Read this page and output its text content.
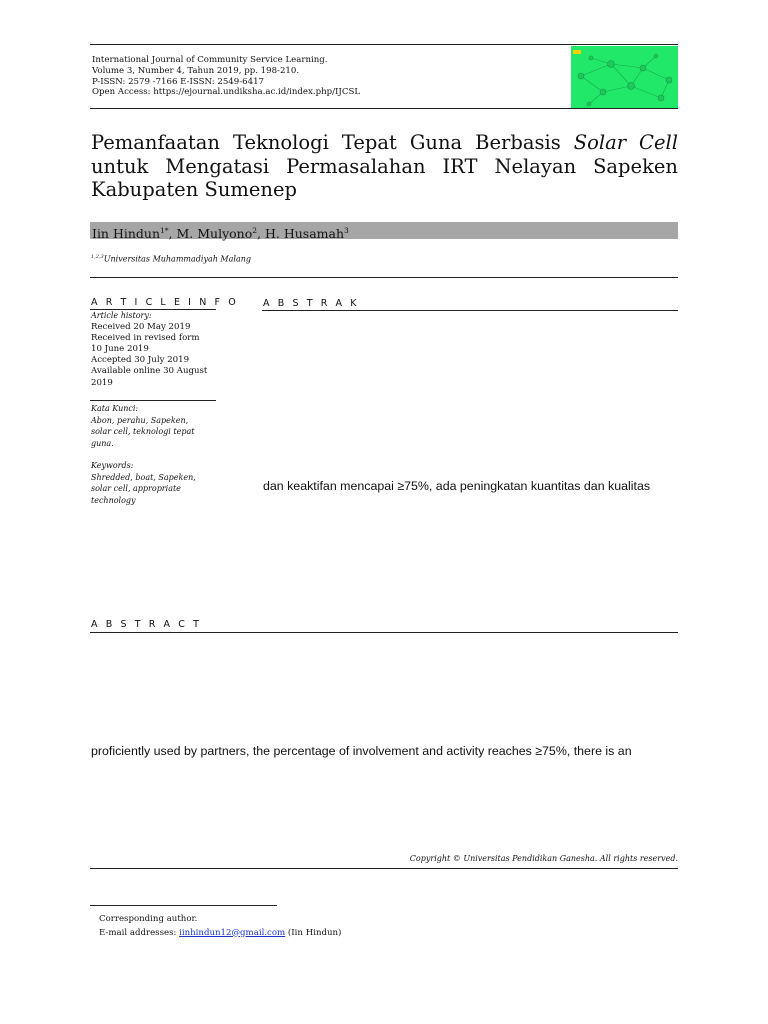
International Journal of Community Service Learning.
Volume 3, Number 4, Tahun 2019, pp. 198-210.
P-ISSN: 2579 -7166 E-ISSN: 2549-6417
Open Access: https://ejournal.undiksha.ac.id/index.php/IJCSL
Pemanfaatan Teknologi Tepat Guna Berbasis Solar Cell untuk Mengatasi Permasalahan IRT Nelayan Sapeken Kabupaten Sumenep
Iin Hindun$^{1*}$, M. Mulyono$^2$, H. Husamah$^3$
$^{1,2,3}$Universitas Muhammadiyah Malang
A R T I C L E I N F O
Article history:
Received 20 May 2019
Received in revised form
10 June 2019
Accepted 30 July 2019
Available online 30 August
2019
Kata Kunci:
Abon, perahu, Sapeken,
solar cell, teknologi tepat
guna.
Keywords:
Shredded, boat, Sapeken,
solar cell, appropriate
technology
A B S T R A K
dan keaktifan mencapai ≥75%, ada peningkatan kuantitas dan kualitas
A B S T R A C T
proficiently used by partners, the percentage of involvement and activity reaches ≥75%, there is an
Copyright © Universitas Pendidikan Ganesha. All rights reserved.
Corresponding author.
E-mail addresses: iinhindun12@gmail.com (Iin Hindun)
